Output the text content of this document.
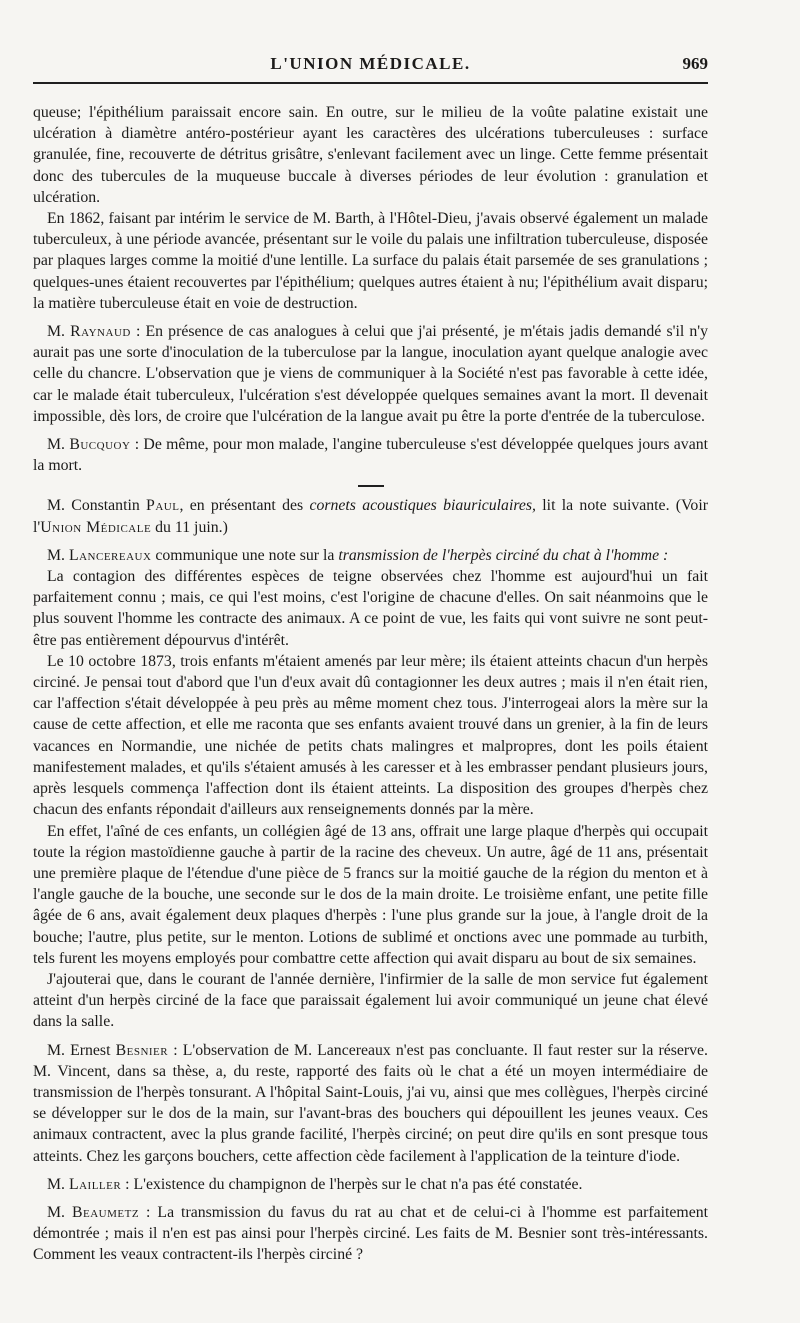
L'UNION MÉDICALE.	969

queuse; l'épithélium paraissait encore sain. En outre, sur le milieu de la voûte palatine existait une ulcération à diamètre antéro-postérieur ayant les caractères des ulcérations tuberculeuses : surface granulée, fine, recouverte de détritus grisâtre, s'enlevant facilement avec un linge. Cette femme présentait donc des tubercules de la muqueuse buccale à diverses périodes de leur évolution : granulation et ulcération.

En 1862, faisant par intérim le service de M. Barth, à l'Hôtel-Dieu, j'avais observé également un malade tuberculeux, à une période avancée, présentant sur le voile du palais une infiltration tuberculeuse, disposée par plaques larges comme la moitié d'une lentille. La surface du palais était parsemée de ses granulations ; quelques-unes étaient recouvertes par l'épithélium; quelques autres étaient à nu; l'épithélium avait disparu; la matière tuberculeuse était en voie de destruction.

M. Raynaud : En présence de cas analogues à celui que j'ai présenté, je m'étais jadis demandé s'il n'y aurait pas une sorte d'inoculation de la tuberculose par la langue, inoculation ayant quelque analogie avec celle du chancre. L'observation que je viens de communiquer à la Société n'est pas favorable à cette idée, car le malade était tuberculeux, l'ulcération s'est développée quelques semaines avant la mort. Il devenait impossible, dès lors, de croire que l'ulcération de la langue avait pu être la porte d'entrée de la tuberculose.

M. Bucquoy : De même, pour mon malade, l'angine tuberculeuse s'est développée quelques jours avant la mort.

M. Constantin Paul, en présentant des cornets acoustiques biauriculaires, lit la note suivante. (Voir l'Union Médicale du 11 juin.)

M. Lancereaux communique une note sur la transmission de l'herpès circiné du chat à l'homme :

La contagion des différentes espèces de teigne observées chez l'homme est aujourd'hui un fait parfaitement connu ; mais, ce qui l'est moins, c'est l'origine de chacune d'elles. On sait néanmoins que le plus souvent l'homme les contracte des animaux. A ce point de vue, les faits qui vont suivre ne sont peut-être pas entièrement dépourvus d'intérêt.

Le 10 octobre 1873, trois enfants m'étaient amenés par leur mère; ils étaient atteints chacun d'un herpès circiné. Je pensai tout d'abord que l'un d'eux avait dû contagionner les deux autres ; mais il n'en était rien, car l'affection s'était développée à peu près au même moment chez tous. J'interrogeai alors la mère sur la cause de cette affection, et elle me raconta que ses enfants avaient trouvé dans un grenier, à la fin de leurs vacances en Normandie, une nichée de petits chats malingres et malpropres, dont les poils étaient manifestement malades, et qu'ils s'étaient amusés à les caresser et à les embrasser pendant plusieurs jours, après lesquels commença l'affection dont ils étaient atteints. La disposition des groupes d'herpès chez chacun des enfants répondait d'ailleurs aux renseignements donnés par la mère.

En effet, l'aîné de ces enfants, un collégien âgé de 13 ans, offrait une large plaque d'herpès qui occupait toute la région mastoïdienne gauche à partir de la racine des cheveux. Un autre, âgé de 11 ans, présentait une première plaque de l'étendue d'une pièce de 5 francs sur la moitié gauche de la région du menton et à l'angle gauche de la bouche, une seconde sur le dos de la main droite. Le troisième enfant, une petite fille âgée de 6 ans, avait également deux plaques d'herpès : l'une plus grande sur la joue, à l'angle droit de la bouche; l'autre, plus petite, sur le menton. Lotions de sublimé et onctions avec une pommade au turbith, tels furent les moyens employés pour combattre cette affection qui avait disparu au bout de six semaines.

J'ajouterai que, dans le courant de l'année dernière, l'infirmier de la salle de mon service fut également atteint d'un herpès circiné de la face que paraissait également lui avoir communiqué un jeune chat élevé dans la salle.

M. Ernest Besnier : L'observation de M. Lancereaux n'est pas concluante. Il faut rester sur la réserve. M. Vincent, dans sa thèse, a, du reste, rapporté des faits où le chat a été un moyen intermédiaire de transmission de l'herpès tonsurant. A l'hôpital Saint-Louis, j'ai vu, ainsi que mes collègues, l'herpès circiné se développer sur le dos de la main, sur l'avant-bras des bouchers qui dépouillent les jeunes veaux. Ces animaux contractent, avec la plus grande facilité, l'herpès circiné; on peut dire qu'ils en sont presque tous atteints. Chez les garçons bouchers, cette affection cède facilement à l'application de la teinture d'iode.

M. Lailler : L'existence du champignon de l'herpès sur le chat n'a pas été constatée.

M. Beaumetz : La transmission du favus du rat au chat et de celui-ci à l'homme est parfaitement démontrée ; mais il n'en est pas ainsi pour l'herpès circiné. Les faits de M. Besnier sont très-intéressants. Comment les veaux contractent-ils l'herpès circiné ?
